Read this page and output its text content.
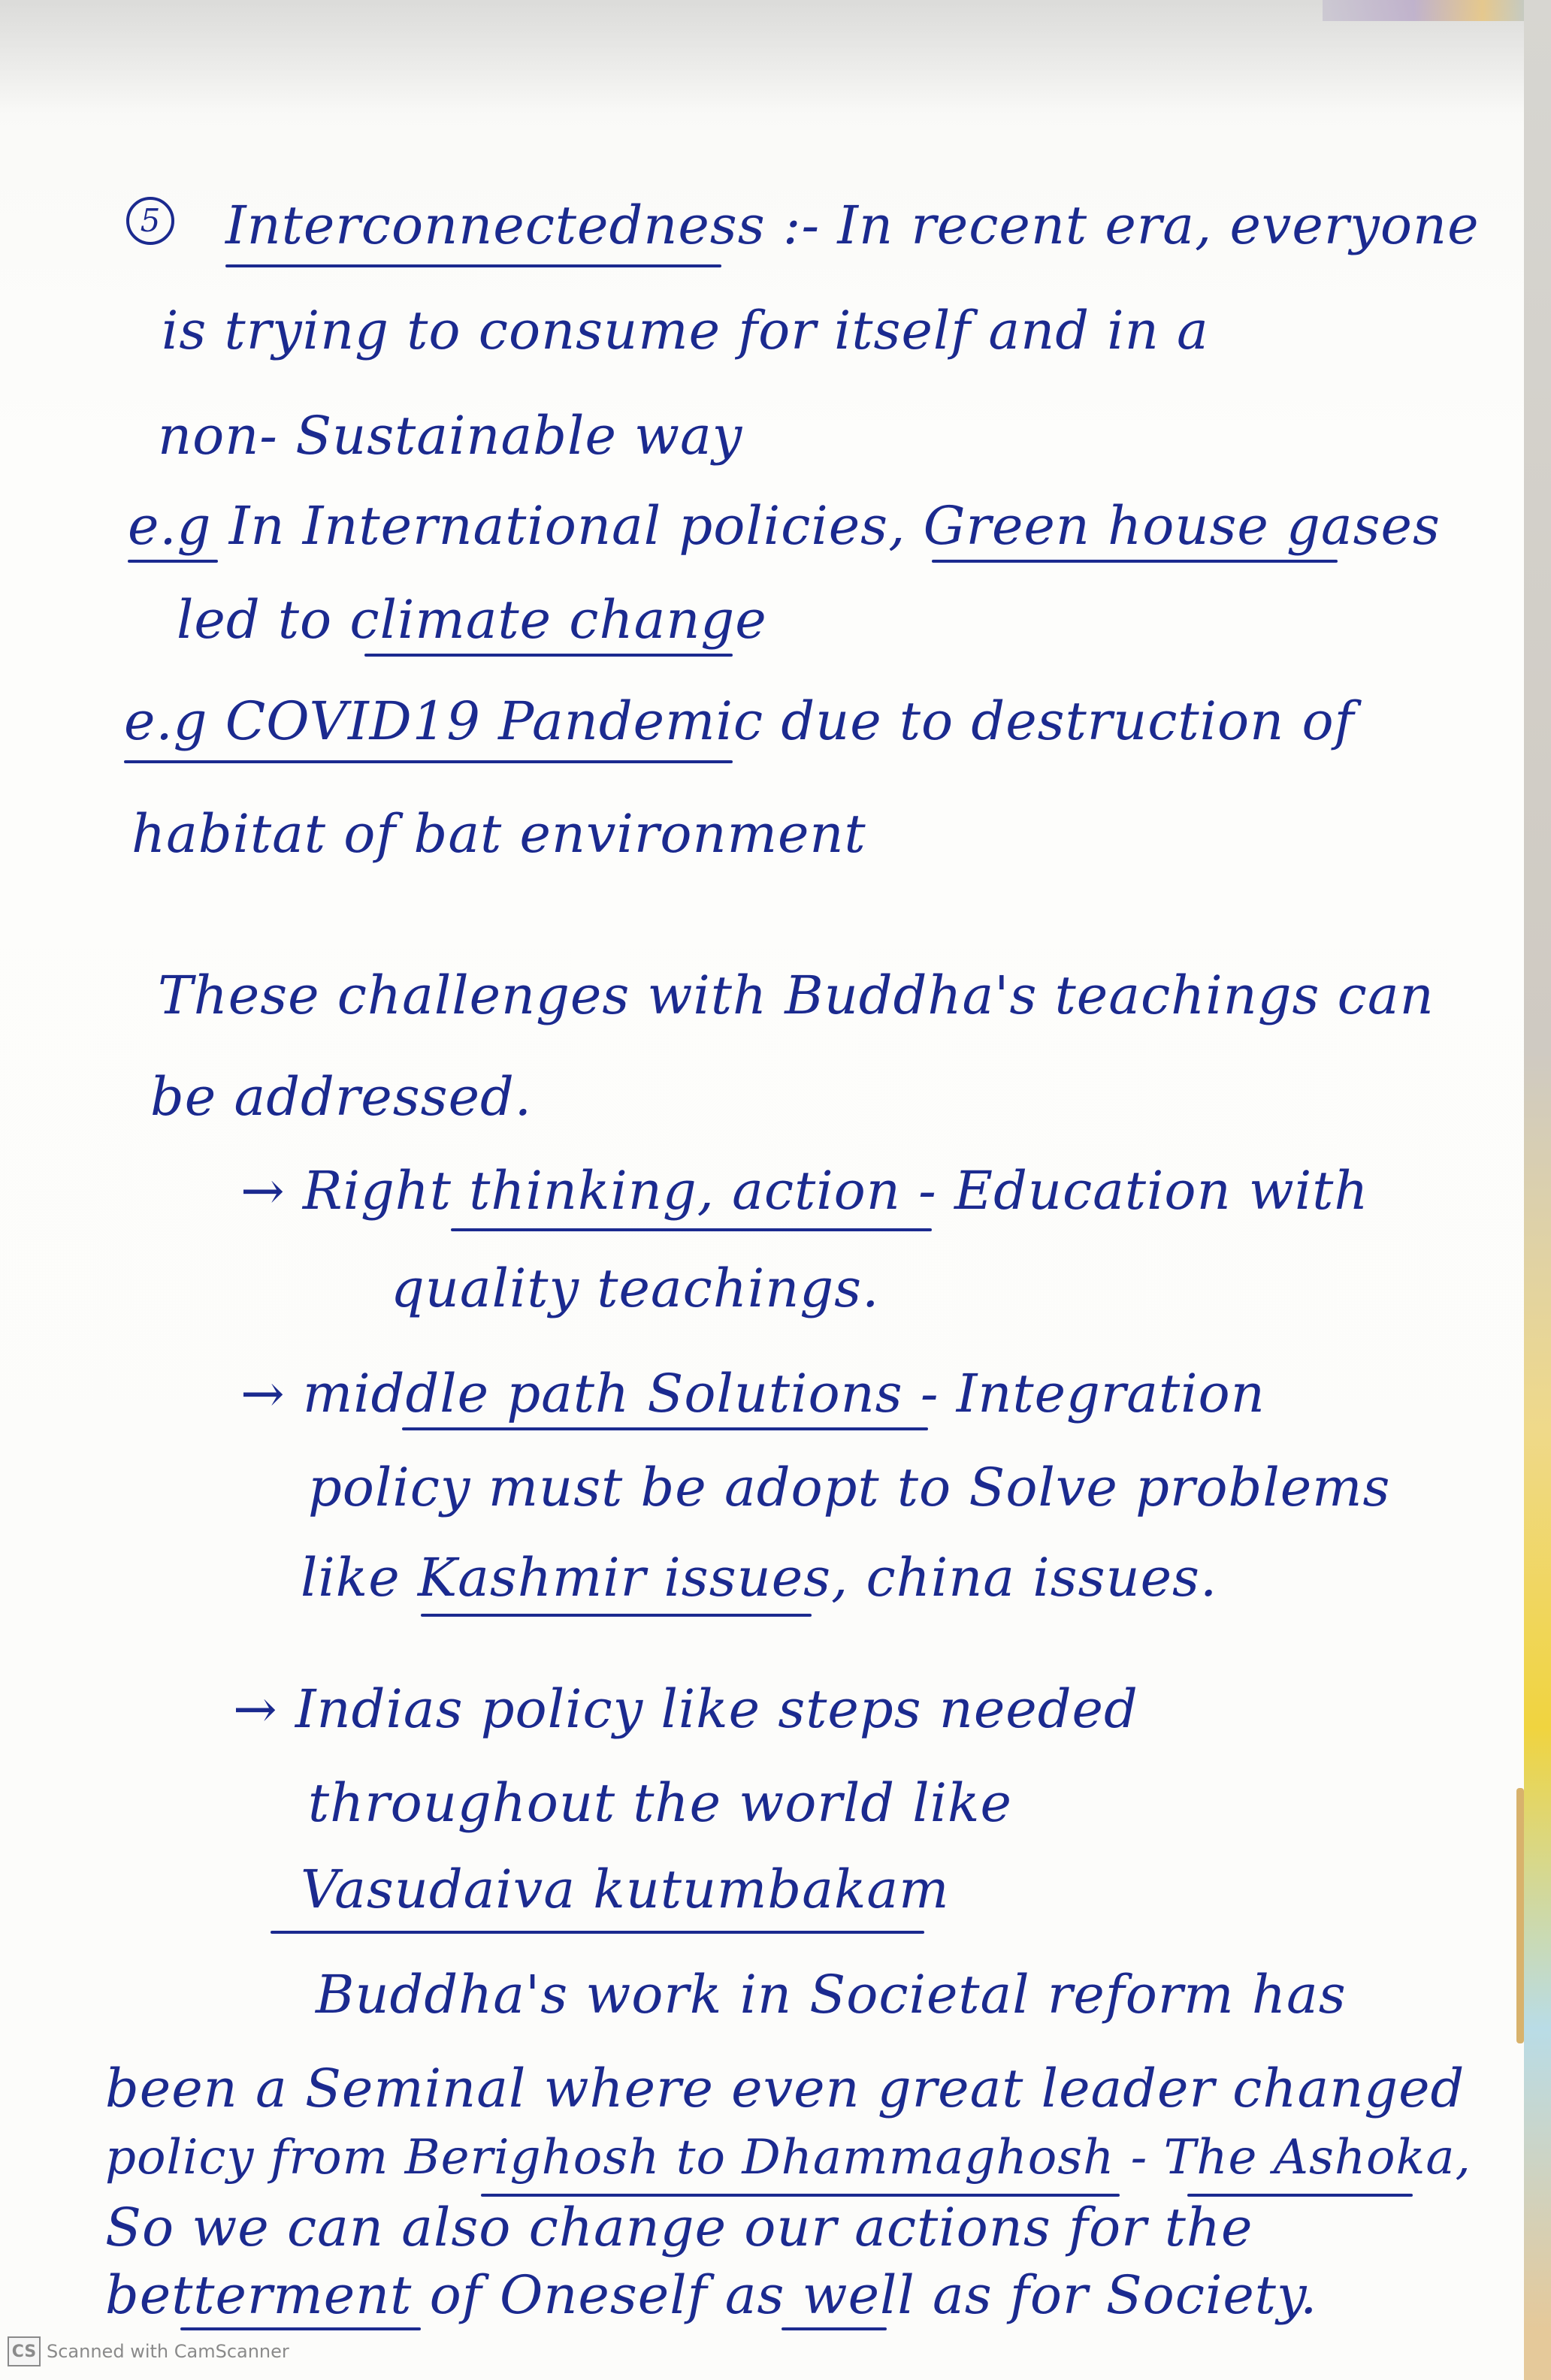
5 Interconnectedness :- In recent era, everyone
is trying to consume for itself and in a
non- Sustainable way
e.g In International policies, Green house gases
led to climate change
e.g COVID19 Pandemic due to destruction of
habitat of bat environment
These challenges with Buddha's teachings can
be addressed.
→ Right thinking, action - Education with
quality teachings.
→ middle path Solutions - Integration
policy must be adopt to Solve problems
like Kashmir issues, china issues.
→ Indias policy like steps needed
throughout the world like
Vasudaiva kutumbakam
Buddha's work in Societal reform has
been a Seminal where even great leader changed
policy from Berighosh to Dhammaghosh - The Ashoka,
So we can also change our actions for the
betterment of Oneself as well as for Society.
CS Scanned with CamScanner
